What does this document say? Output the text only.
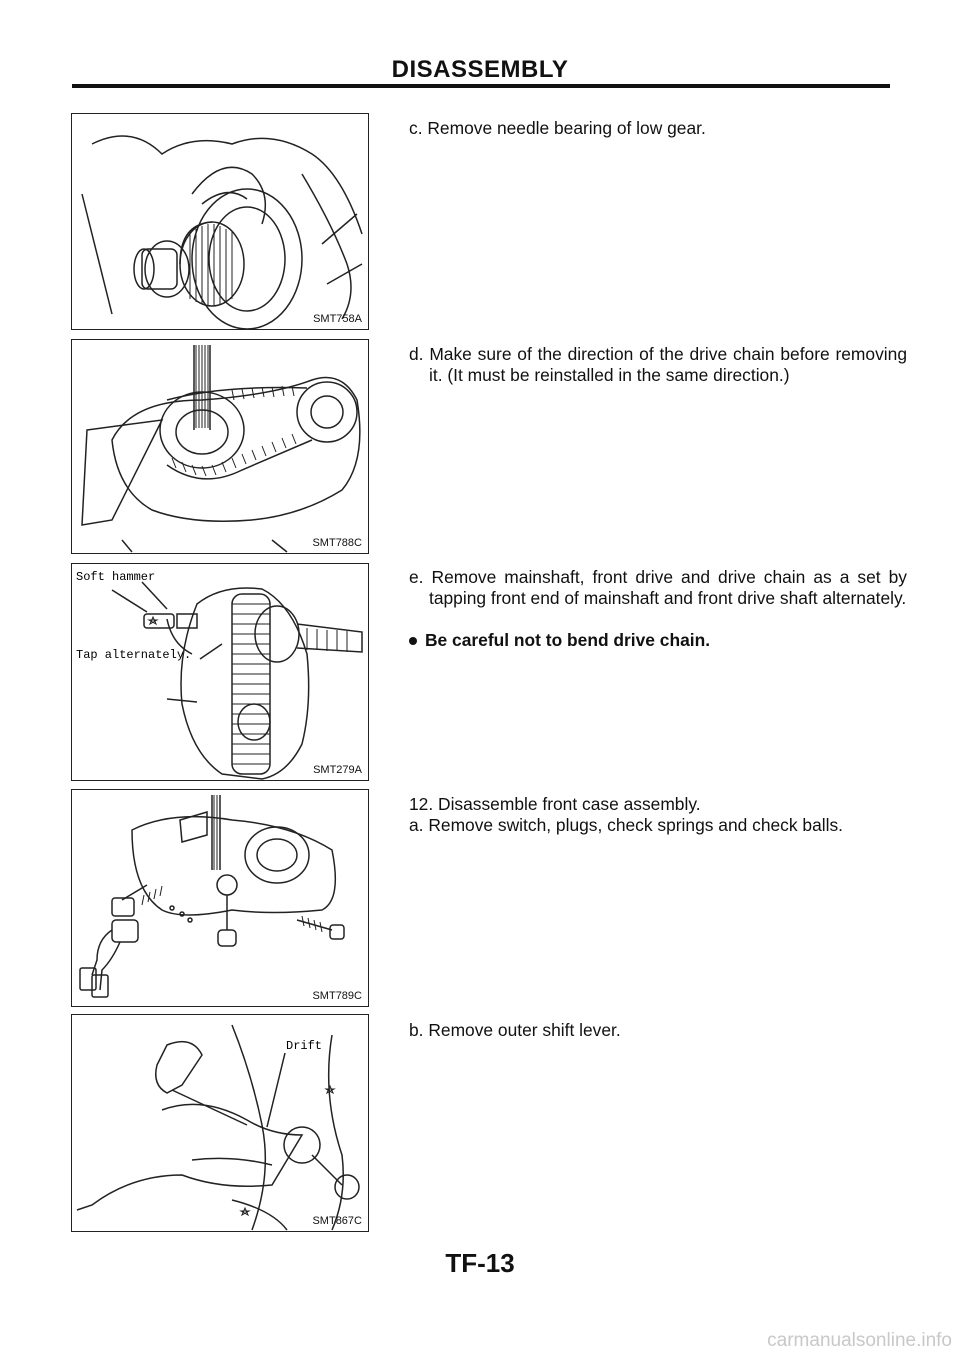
DISASSEMBLY
SMT758A
SMT788C
Soft hammer
Tap alternately.
SMT279A
SMT789C
Drift
SMT867C
c. Remove needle bearing of low gear.
d. Make sure of the direction of the drive chain before removing it. (It must be reinstalled in the same direction.)
e. Remove mainshaft, front drive and drive chain as a set by tapping front end of mainshaft and front drive shaft alternately.
Be careful not to bend drive chain.
12. Disassemble front case assembly.
a. Remove switch, plugs, check springs and check balls.
b. Remove outer shift lever.
TF-13
carmanualsonline.info
